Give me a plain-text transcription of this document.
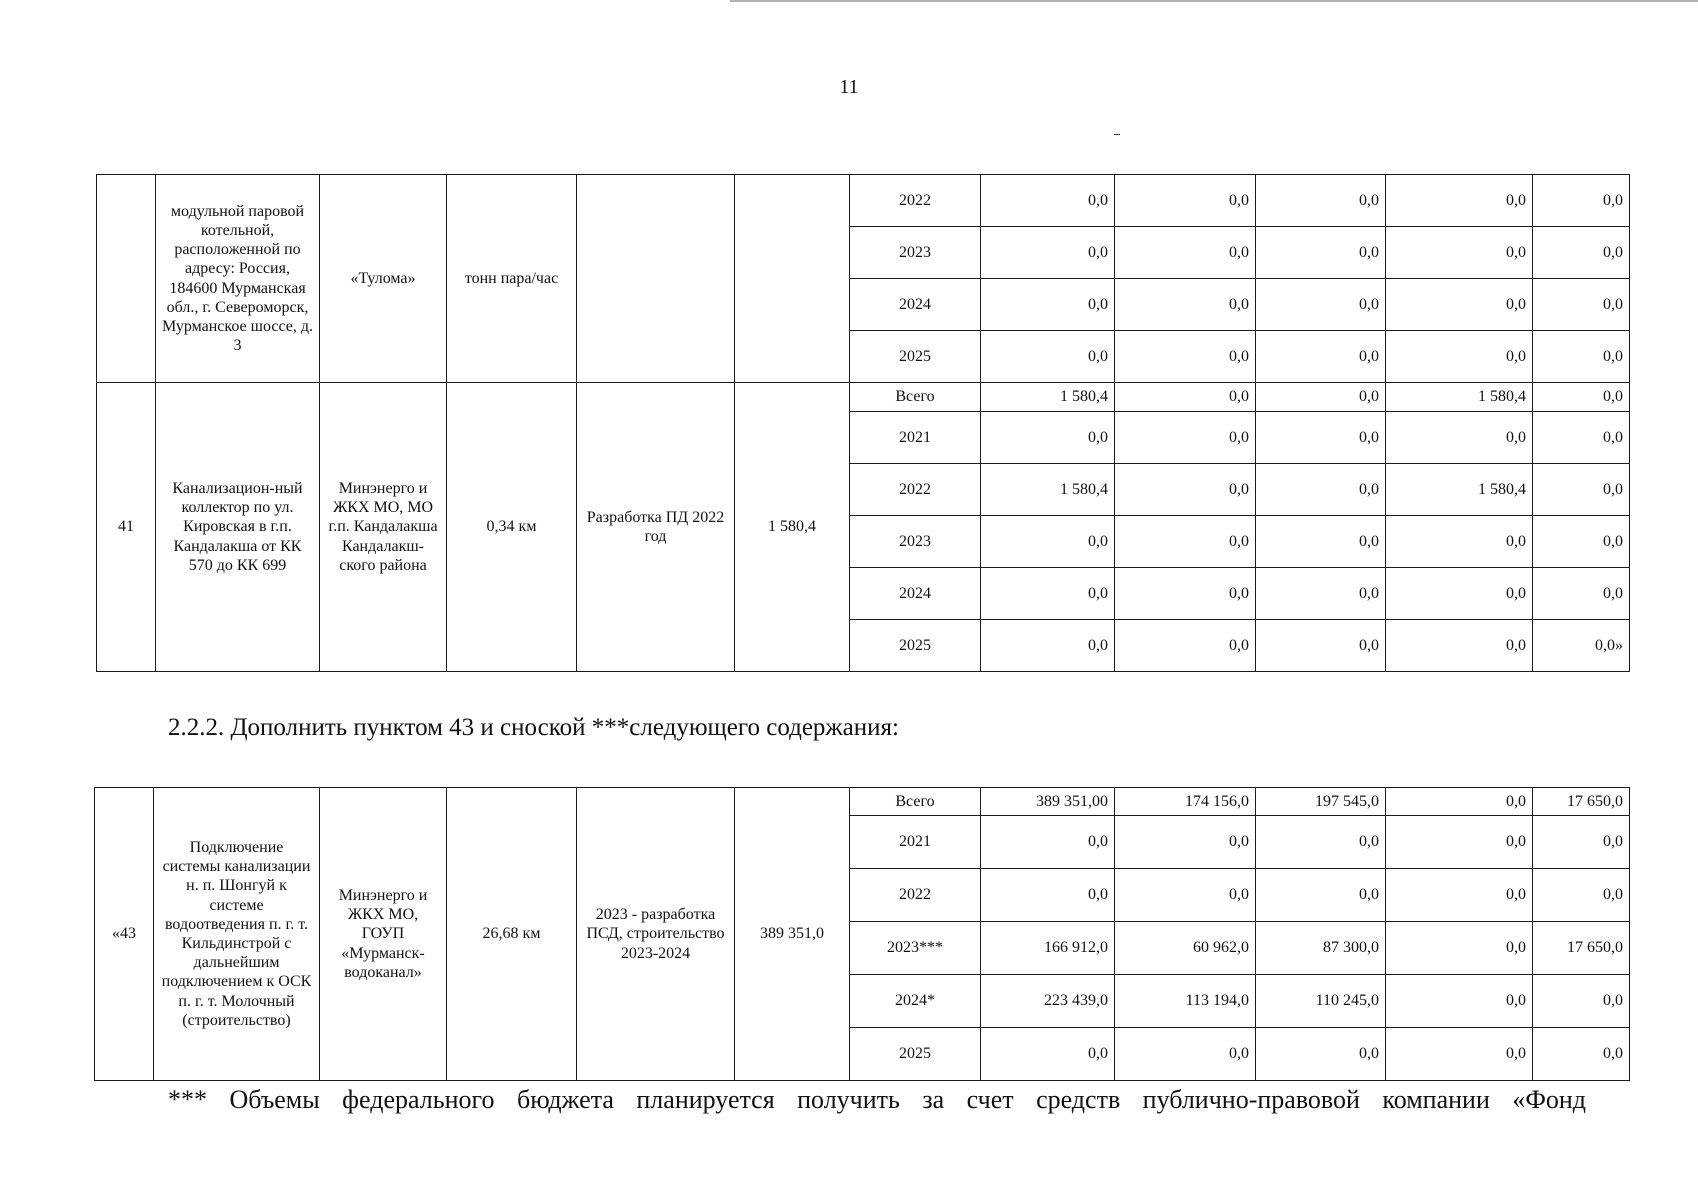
11
	модульной паровой котельной, расположенной по адресу: Россия, 184600 Мурманская обл., г. Североморск, Мурманское шоссе, д. 3	«Тулома»	тонн пара/час			2022	0,0	0,0	0,0	0,0	0,0
						2023	0,0	0,0	0,0	0,0	0,0
						2024	0,0	0,0	0,0	0,0	0,0
						2025	0,0	0,0	0,0	0,0	0,0
41	Канализацион-ный коллектор по ул. Кировская в г.п. Кандалакша от КК 570 до КК 699	Минэнерго и ЖКХ МО, МО г.п. Кандалакша Кандалакш-ского района	0,34 км	Разработка ПД 2022 год	1 580,4	Всего	1 580,4	0,0	0,0	1 580,4	0,0
						2021	0,0	0,0	0,0	0,0	0,0
						2022	1 580,4	0,0	0,0	1 580,4	0,0
						2023	0,0	0,0	0,0	0,0	0,0
						2024	0,0	0,0	0,0	0,0	0,0
						2025	0,0	0,0	0,0	0,0	0,0»
2.2.2. Дополнить пунктом 43 и сноской ***следующего содержания:
«43	Подключение системы канализации н. п. Шонгуй к системе водоотведения п. г. т. Кильдинстрой с дальнейшим подключением к ОСК п. г. т. Молочный (строительство)	Минэнерго и ЖКХ МО, ГОУП «Мурманск-водоканал»	26,68 км	2023 - разработка ПСД, строительство 2023-2024	389 351,0	Всего	389 351,00	174 156,0	197 545,0	0,0	17 650,0
						2021	0,0	0,0	0,0	0,0	0,0
						2022	0,0	0,0	0,0	0,0	0,0
						2023***	166 912,0	60 962,0	87 300,0	0,0	17 650,0
						2024*	223 439,0	113 194,0	110 245,0	0,0	0,0
						2025	0,0	0,0	0,0	0,0	0,0
*** Объемы федерального бюджета планируется получить за счет средств публично-правовой компании «Фонд
